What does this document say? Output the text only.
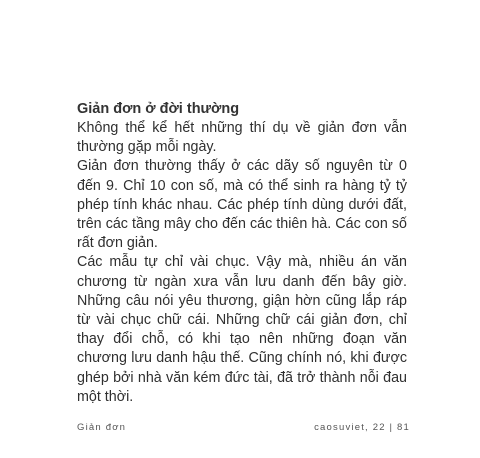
Giản đơn ở đời thường

Không thể kể hết những thí dụ về giản đơn vẫn thường gặp mỗi ngày.

Giản đơn thường thấy ở các dãy số nguyên từ 0 đến 9. Chỉ 10 con số, mà có thể sinh ra hàng tỷ tỷ phép tính khác nhau. Các phép tính dùng dưới đất, trên các tầng mây cho đến các thiên hà. Các con số rất đơn giản.

Các mẫu tự chỉ vài chục. Vậy mà, nhiều án văn chương từ ngàn xưa vẫn lưu danh đến bây giờ. Những câu nói yêu thương, giận hờn cũng lắp ráp từ vài chục chữ cái. Những chữ cái giản đơn, chỉ thay đổi chỗ, có khi tạo nên những đoạn văn chương lưu danh hậu thế. Cũng chính nó, khi được ghép bởi nhà văn kém đức tài, đã trở thành nỗi đau một thời.

Giản đơn	caosuviet, 22 | 81
